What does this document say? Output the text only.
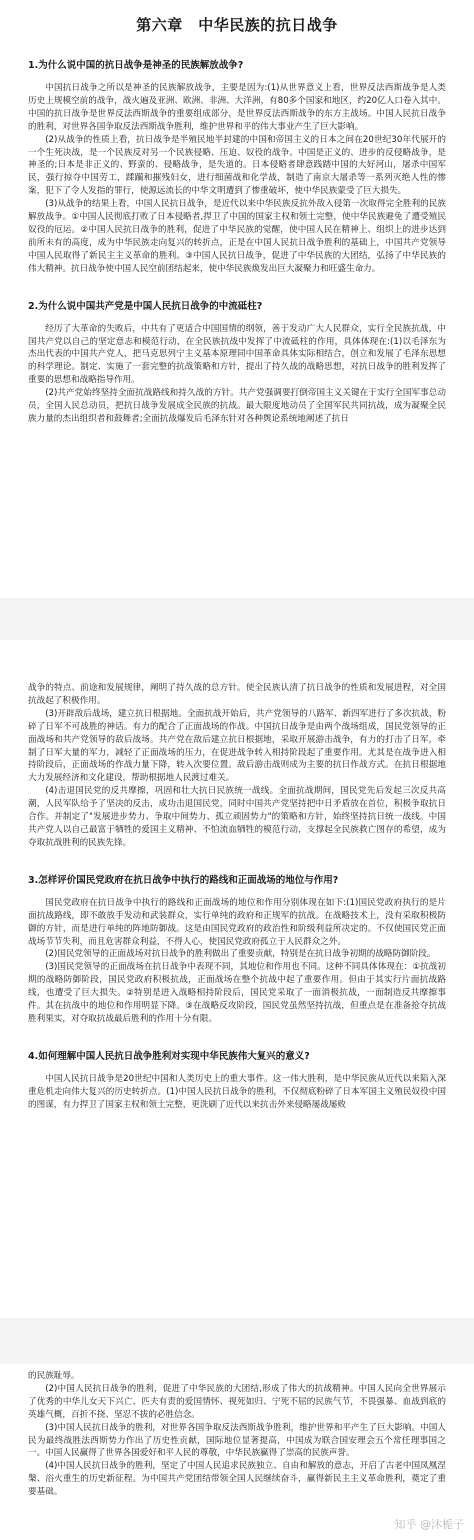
第六章　中华民族的抗日战争
1.为什么说中国的抗日战争是神圣的民族解放战争?

中国抗日战争之所以是神圣的民族解放战争，主要是因为:(1)从世界意义上看，世界反法西斯战争是人类历史上规模空前的战争，战火遍及亚洲、欧洲、非洲、大洋洲，有80多个国家和地区，约20亿人口卷入其中。中国的抗日战争是世界反法西斯战争的重要组成部分，是世界反法西斯战争的东方主战场。中国人民抗日战争的胜利，对世界各国争取反法西斯战争胜利，维护世界和平的伟大事业产生了巨大影响。

(2)从战争的性质上看，抗日战争是半殖民地半封建的中国和帝国主义的日本之间在20世纪30年代展开的一个生死决战，是一个民族反对另一个民族侵略、压迫、奴役的战争。中国是正义的、进步的反侵略战争，是神圣的;日本是非正义的、野蛮的、侵略战争，是失道的。日本侵略者肆意践踏中国的大好河山，屠杀中国军民，强行掠夺中国劳工，蹂躏和摧残妇女，进行细菌战和化学战，制造了南京大屠杀等一系列灭绝人性的惨案，犯下了令人发指的罪行，使源远流长的中华文明遭到了惨重破坏，使中华民族蒙受了巨大损失。

(3)从战争的结果上看，中国人民抗日战争，是近代以来中华民族反抗外敌入侵第一次取得完全胜利的民族解放战争。①中国人民彻底打败了日本侵略者,捍卫了中国的国家主权和领土完整，使中华民族避免了遭受殖民奴役的厄运。②中国人民抗日战争的胜利，促进了中华民族的觉醒，使中国人民在精神上、组织上的进步达到前所未有的高度，成为中华民族走向复兴的转折点，正是在中国人民抗日战争胜利的基础上，中国共产党领导中国人民取得了新民主主义革命的胜利。③中国人民抗日战争，促进了中华民族的大团结，弘扬了中华民族的伟大精神。抗日战争使中国人民空前团结起来，使中华民族焕发出巨大凝聚力和旺盛生命力。

2.为什么说中国共产党是中国人民抗日战争的中流砥柱?

经历了大革命的失败后，中共有了更适合中国国情的纲领，善于发动广大人民群众，实行全民族抗战，中国共产党以自己的坚定意志和模范行动，在全民族抗战中发挥了中流砥柱的作用，具体体现在:(1)以毛泽东为杰出代表的中国共产党人，把马克思列宁主义基本原理同中国革命具体实际相结合，创立和发展了毛泽东思想的科学理论。制定、实施了一套完整的抗战策略和方针，提出了持久战的战略思想，对抗日战争的胜利发挥了重要的思想和战略指导作用。

(2)共产党始终坚持全面抗战路线和持久战的方针。共产党强调要打倒帝国主义关键在于实行全国军事总动员，全国人民总动员，把抗日战争发展成全民族的抗战。最大限度地动员了全国军民共同抗战，成为凝聚全民族力量的杰出组织者和鼓舞者;全面抗战爆发后毛泽东针对各种舆论系统地阐述了抗日

战争的特点、前途和发展规律，阐明了持久战的总方针。使全民族认清了抗日战争的性质和发展进程，对全国抗战起了积极作用。

(3)开辟敌后战场，建立抗日根据地。全面抗战开始后，共产党领导的八路军、新四军进行了多次抗战，粉碎了日军不可战胜的神话。有力的配合了正面战场的作战。中国抗日战争是由两个战场组成，国民党领导的正面战场和共产党领导的敌后战场。共产党在敌后建立抗日根据地，采取开展游击战争，有力的打击了日军，牵制了日军大量的军力，减轻了正面战场的压力，在促进战争转入相持阶段起了重要作用。尤其是在战争进入相持阶段后，正面战场的作战力量下降，转入次要位置。敌后游击战则成为主要的抗日作战方式。在抗日根据地大力发展经济和文化建设，帮助根据地人民渡过难关。

(4)击退国民党的反共摩擦，巩固和壮大抗日民族统一战线。全面抗战期间，国民党先后发起三次反共高潮，人民军队给予了坚决的反击，成功击退国民党，同时中国共产党坚持把中日矛盾放在首位，积极争取抗日合作。并制定了"发展进步势力、争取中间势力、孤立顽固势力"的策略和方针，始终坚持抗日统一战线。中国共产党人以自己最富于牺牲的爱国主义精神、不怕流血牺牲的模范行动，支撑起全民族救亡图存的希望，成为夺取抗战胜利的民族先锋。

3.怎样评价国民党政府在抗日战争中执行的路线和正面战场的地位与作用?

国民党政府在抗日战争中执行的路线和正面战场的地位和作用分别体现在如下:(1)国民党政府执行的是片面抗战路线，即不敢放手发动和武装群众，实行单纯的政府和正规军的抗战。在战略技术上，没有采取积极防御的方针，而是进行单纯的阵地防御战。这是由国民党政府的政治性和阶级利益所决定的。不仅使国民党正面战场节节失利，而且危害群众利益，不得人心，使国民党政府孤立于人民群众之外。

(2)国民党领导的正面战场对抗日战争的胜利做出了重要贡献，特别是在抗日战争初期的战略防御阶段。

(3)国民党领导的正面战场在抗日战争中表现不同，其地位和作用也不同。这种不同具体体现在：①抗战初期的战略防御阶段，国民党政府积极抗战，正面战场在整个抗战中起了重要作用。但由于其实行片面抗战路线，也遭受了巨大损失。②特别是进入战略相持阶段后，国民党采取了一面消极抗战，一面制造反共摩擦事件。其在抗战中的地位和作用明显下降。③在战略反攻阶段，国民党虽然坚持抗战，但重点是在准备抢夺抗战胜利果实，对夺取抗战最后胜利的作用十分有限。

4.如何理解中国人民抗日战争胜利对实现中华民族伟大复兴的意义?

中国人民抗日战争是20世纪中国和人类历史上的重大事件。这一伟大胜利，是中华民族从近代以来陷入深重危机走向伟大复兴的历史转折点。(1)中国人民抗日战争的胜利，不仅彻底粉碎了日本军国主义殖民奴役中国的图谋，有力捍卫了国家主权和领土完整，更洗刷了近代以来抗击外来侵略屡战屡败

的民族耻辱。

(2)中国人民抗日战争的胜利，促进了中华民族的大团结,形成了伟大的抗战精神。中国人民向全世界展示了优秀的中华儿女天下兴亡、匹夫有责的爱国情怀、视死如归、宁死不屈的民族气节，不畏强暴、血战到底的英雄气概，百折不挠、坚忍不拔的必胜信念。

(3)中国人民抗日战争的胜利，对世界各国争取反法西斯战争胜利，维护世界和平产生了巨大影响。中国人民为最终战胜法西斯势力作出了历史性贡献，国际地位显著提高，中国成为联合国安理会五个常任理事国之一。中国人民赢得了世界各国爱好和平人民的尊敬，中华民族赢得了崇高的民族声誉。

(4)中国人民抗日战争的胜利，坚定了中国人民追求民族独立、自由和解放的意志，开启了古老中国凤凰涅槃、浴火重生的历史新征程。为中国共产党团结带领全国人民继续奋斗，赢得新民主主义革命胜利，奠定了重要基础。

知乎 @沐栀子
